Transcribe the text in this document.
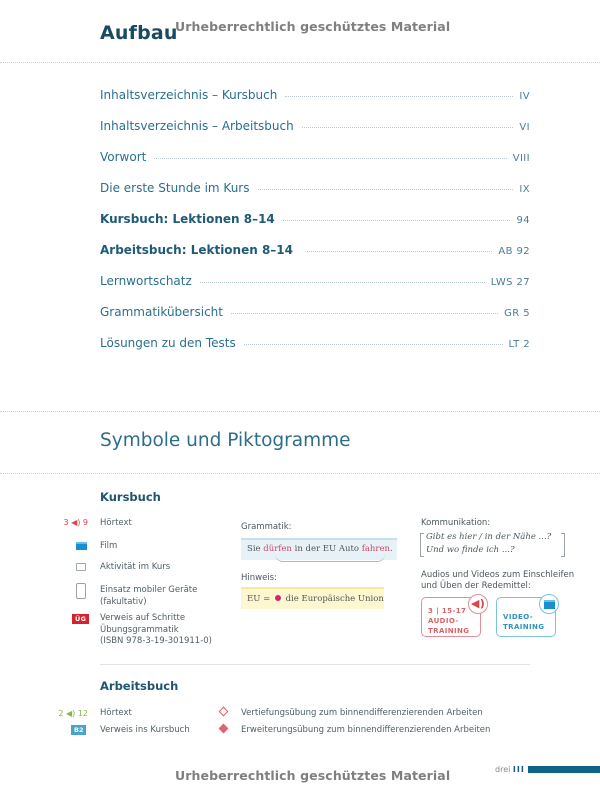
Aufbau
Urheberrechtlich geschütztes Material
Inhaltsverzeichnis – Kursbuch	IV
Inhaltsverzeichnis – Arbeitsbuch	VI
Vorwort	VIII
Die erste Stunde im Kurs	IX
Kursbuch: Lektionen 8–14	94
Arbeitsbuch: Lektionen 8–14	AB 92
Lernwortschatz	LWS 27
Grammatikübersicht	GR 5
Lösungen zu den Tests	LT 2
Symbole und Piktogramme
Kursbuch
3 ◀) 9 Hörtext
Film
Aktivität im Kurs
Einsatz mobiler Geräte
(fakultativ)
ÜG	Verweis auf Schritte
Übungsgrammatik
(ISBN 978-3-19-301911-0)
Grammatik:
Sie dürfen in der EU Auto fahren.
Hinweis:
EU =  die Europäische Union
Kommunikation:
Gibt es hier / in der Nähe ...?
Und wo finde ich ...?
Audios und Videos zum Einschleifen
und Üben der Redemittel:
3 | 15-17
AUDIO-
TRAINING
◀)
VIDEO-
TRAINING
Arbeitsbuch
2 ◀) 12 Hörtext
B2	Verweis ins Kursbuch
Vertiefungsübung zum binnendifferenzierenden Arbeiten
Erweiterungsübung zum binnendifferenzierenden Arbeiten
Urheberrechtlich geschütztes Material	drei III
